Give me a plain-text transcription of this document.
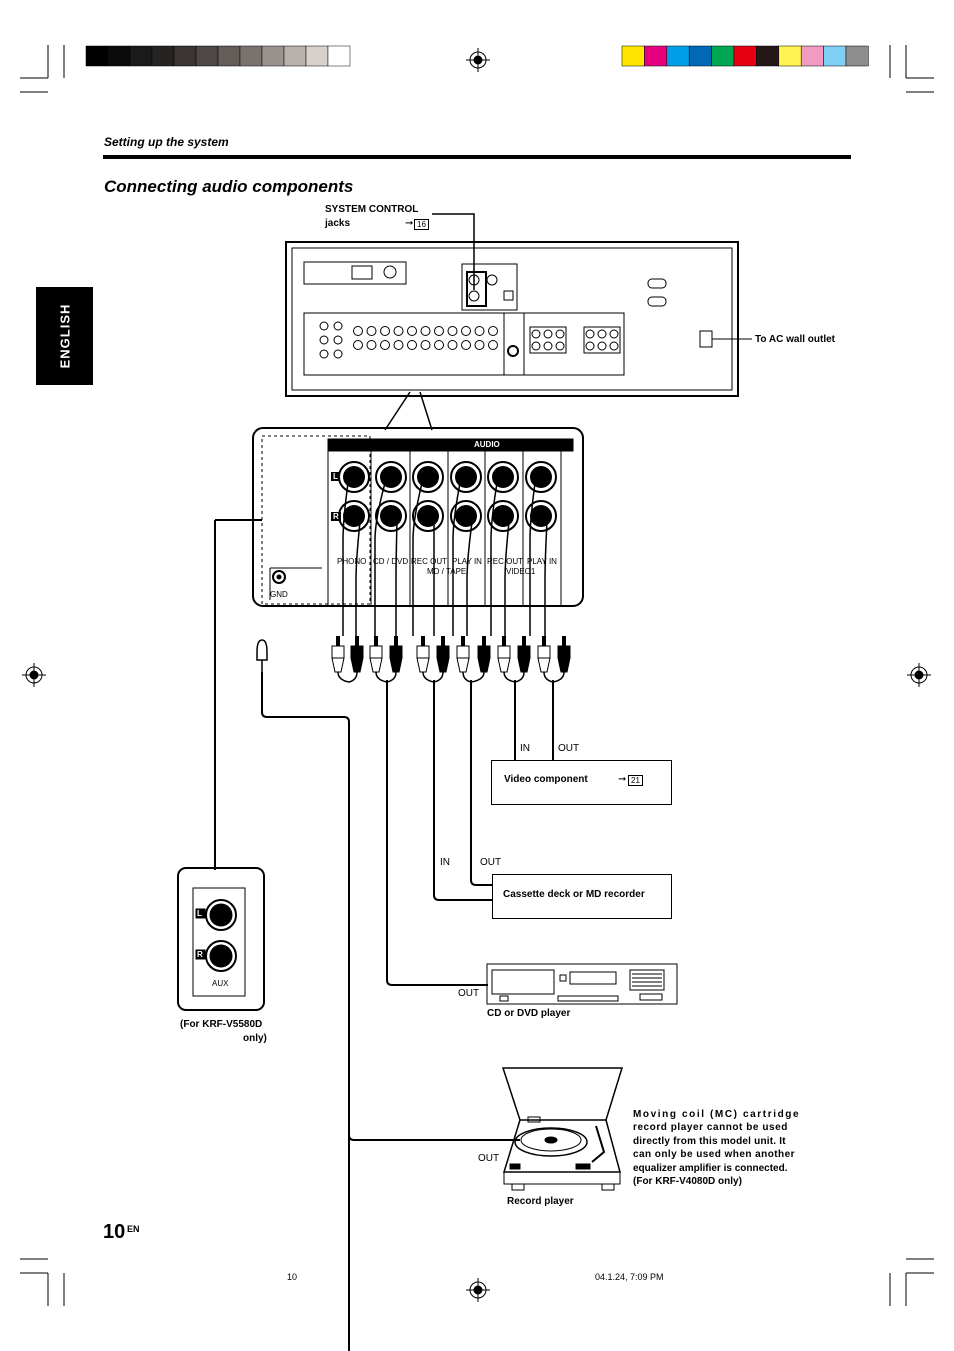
Setting up the system
Connecting audio components
ENGLISH
SYSTEM CONTROL
jacks	➞ 16
To AC wall outlet
AUDIO
L
R
PHONO CD / DVD REC OUT PLAY IN REC OUT PLAY IN
MD / TAPE	VIDEO1
GND
L
R
AUX
(For KRF-V5580D
only)
IN	OUT
Video component	➞ 21
IN	OUT
Cassette deck or MD recorder
OUT
CD or DVD player
OUT
Record player
Moving coil (MC) cartridge
record player cannot be used
directly from this model unit. It
can only be used when another
equalizer amplifier is connected.
(For KRF-V4080D only)
10 EN
10	04.1.24, 7:09 PM
